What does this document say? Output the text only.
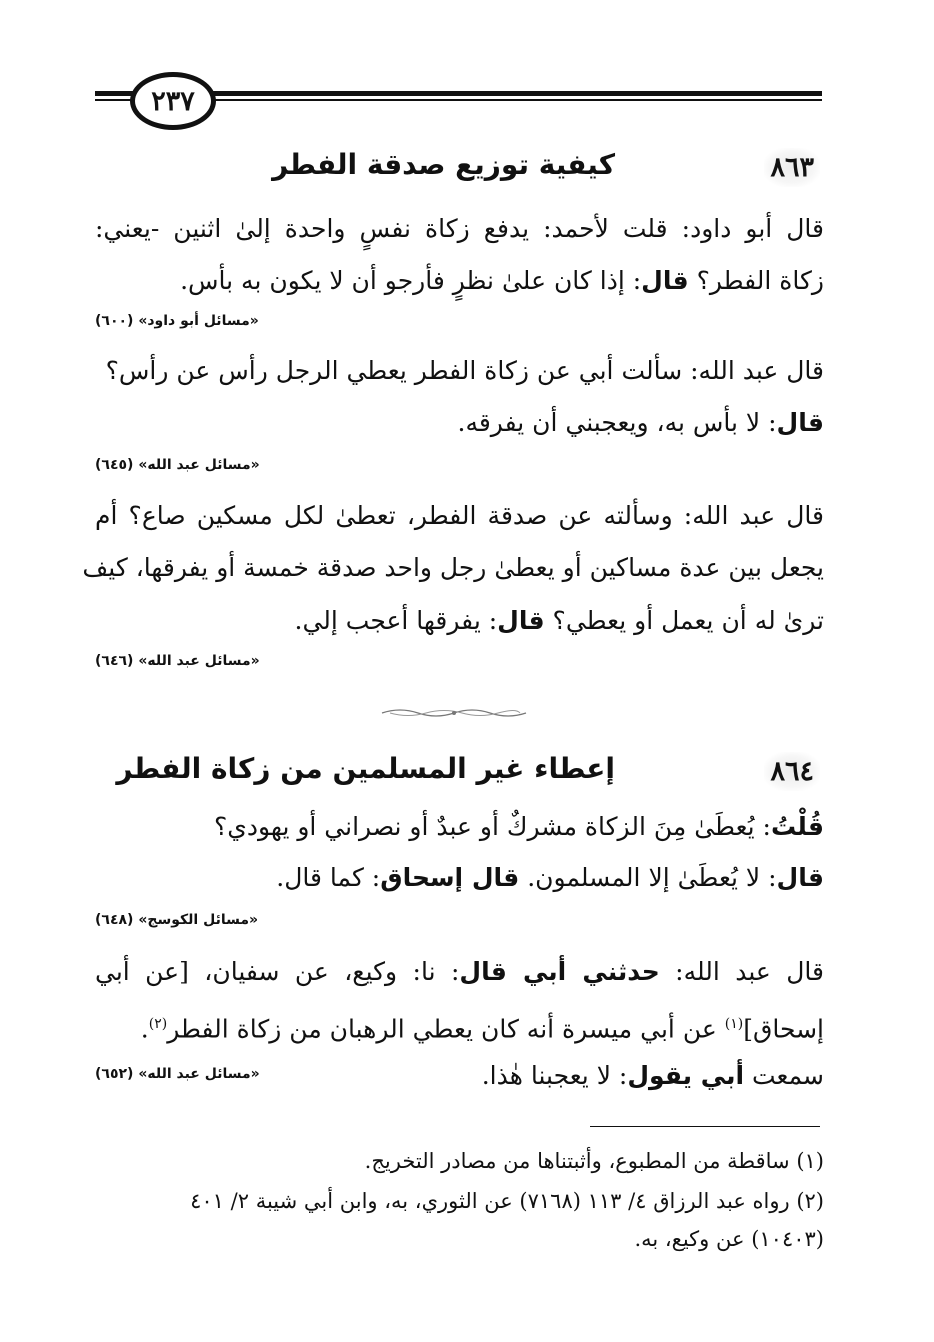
٢٣٧
٨٦٣
كيفية توزيع صدقة الفطر
قال أبو داود: قلت لأحمد: يدفع زكاة نفسٍ واحدة إلىٰ اثنين -يعني:
زكاة الفطر؟ قال: إذا كان علىٰ نظرٍ فأرجو أن لا يكون به بأس.
«مسائل أبو داود» (٦٠٠)
قال عبد الله: سألت أبي عن زكاة الفطر يعطي الرجل رأس عن رأس؟
قال: لا بأس به، ويعجبني أن يفرقه.
«مسائل عبد الله» (٦٤٥)
قال عبد الله: وسألته عن صدقة الفطر، تعطىٰ لكل مسكين صاع؟ أم
يجعل بين عدة مساكين أو يعطىٰ رجل واحد صدقة خمسة أو يفرقها، كيف
ترىٰ له أن يعمل أو يعطي؟ قال: يفرقها أعجب إلي.
«مسائل عبد الله» (٦٤٦)
٨٦٤
إعطاء غير المسلمين من زكاة الفطر
قُلْتُ: يُعطَىٰ مِنَ الزكاة مشركٌ أو عبدٌ أو نصراني أو يهودي؟
قال: لا يُعطَىٰ إلا المسلمون. قال إسحاق: كما قال.
«مسائل الكوسج» (٦٤٨)
قال عبد الله: حدثني أبي قال: نا: وكيع، عن سفيان، [عن أبي
إسحاق]$^{(١)}$ عن أبي ميسرة أنه كان يعطي الرهبان من زكاة الفطر$^{(٢)}$.
سمعت أبي يقول: لا يعجبنا هٰذا.
«مسائل عبد الله» (٦٥٢)
(١) ساقطة من المطبوع، وأثبتناها من مصادر التخريج.
(٢) رواه عبد الرزاق ٤/ ١١٣ (٧١٦٨) عن الثوري، به، وابن أبي شيبة ٢/ ٤٠١
(١٠٤٠٣) عن وكيع، به.
